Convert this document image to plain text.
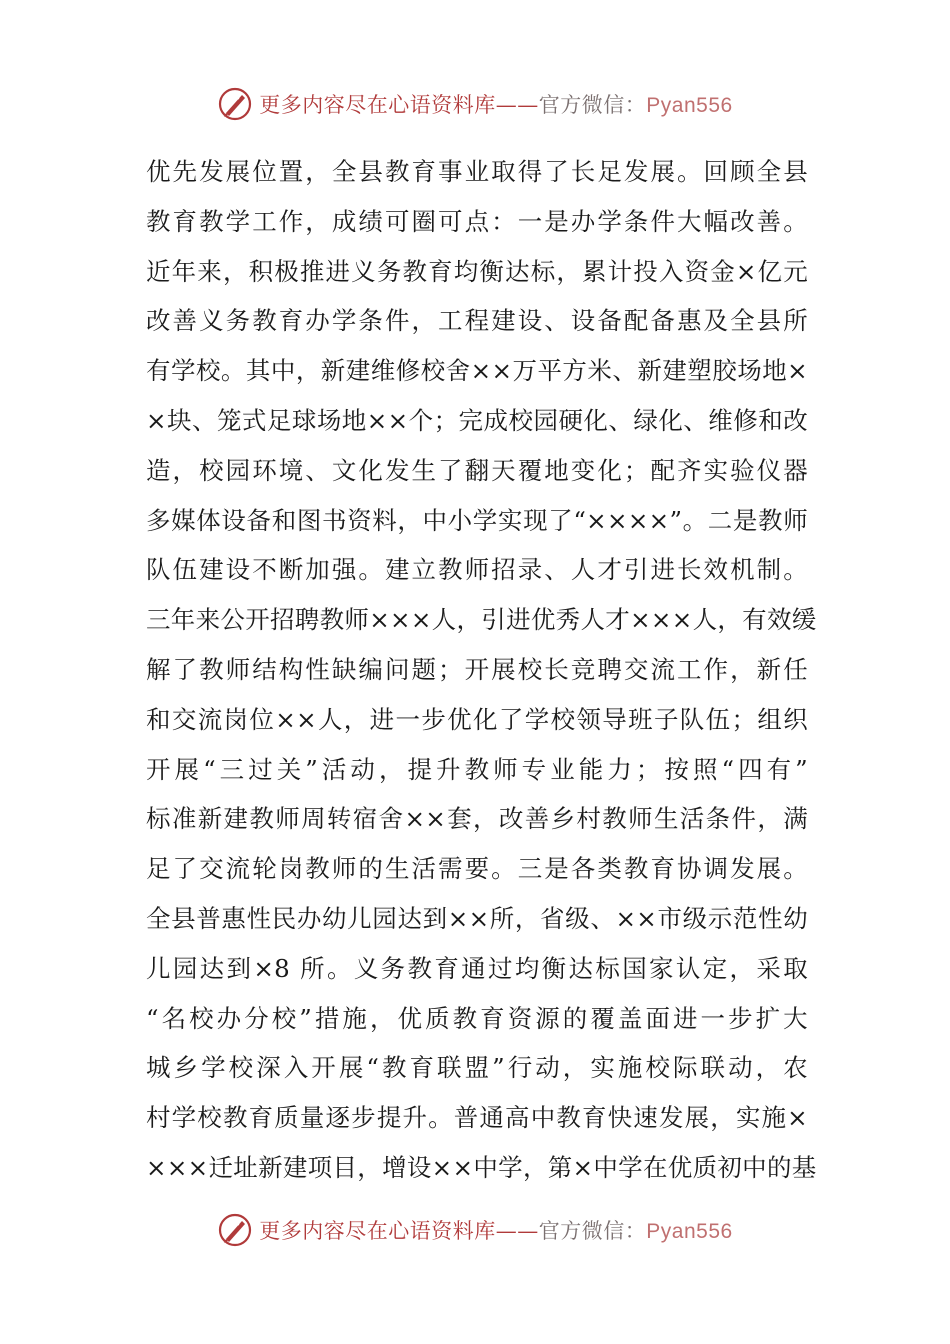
更多内容尽在心语资料库——官方微信：Pyan556
优先发展位置，全县教育事业取得了长足发展。回顾全县
教育教学工作，成绩可圈可点：一是办学条件大幅改善。
近年来，积极推进义务教育均衡达标，累计投入资金×亿元
改善义务教育办学条件，工程建设、设备配备惠及全县所
有学校。其中，新建维修校舍××万平方米、新建塑胶场地×
×块、笼式足球场地××个；完成校园硬化、绿化、维修和改
造，校园环境、文化发生了翻天覆地变化；配齐实验仪器
多媒体设备和图书资料，中小学实现了“××××”。二是教师
队伍建设不断加强。建立教师招录、人才引进长效机制。
三年来公开招聘教师×××人，引进优秀人才×××人，有效缓
解了教师结构性缺编问题；开展校长竞聘交流工作，新任
和交流岗位××人，进一步优化了学校领导班子队伍；组织
开展“三过关”活动，提升教师专业能力；按照“四有”
标准新建教师周转宿舍××套，改善乡村教师生活条件，满
足了交流轮岗教师的生活需要。三是各类教育协调发展。
全县普惠性民办幼儿园达到××所，省级、××市级示范性幼
儿园达到×8 所。义务教育通过均衡达标国家认定，采取
“名校办分校”措施，优质教育资源的覆盖面进一步扩大
城乡学校深入开展“教育联盟”行动，实施校际联动，农
村学校教育质量逐步提升。普通高中教育快速发展，实施×
×××迁址新建项目，增设××中学，第×中学在优质初中的基
更多内容尽在心语资料库——官方微信：Pyan556
